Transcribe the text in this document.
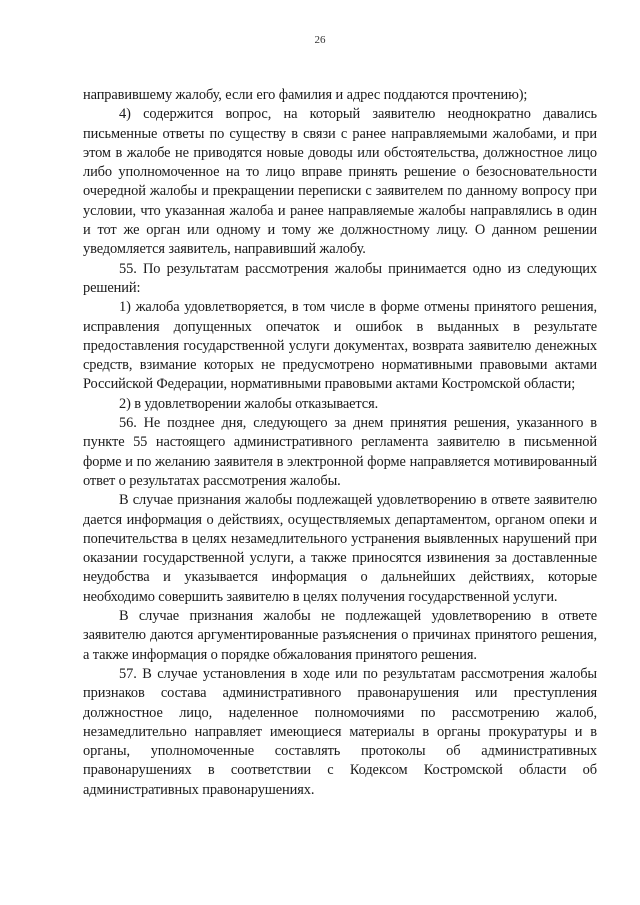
26

направившему жалобу, если его фамилия и адрес поддаются прочтению);

4) содержится вопрос, на который заявителю неоднократно давались письменные ответы по существу в связи с ранее направляемыми жалобами, и при этом в жалобе не приводятся новые доводы или обстоятельства, должностное лицо либо уполномоченное на то лицо вправе принять решение о безосновательности очередной жалобы и прекращении переписки с заявителем по данному вопросу при условии, что указанная жалоба и ранее направляемые жалобы направлялись в один и тот же орган или одному и тому же должностному лицу. О данном решении уведомляется заявитель, направивший жалобу.

55. По результатам рассмотрения жалобы принимается одно из следующих решений:

1) жалоба удовлетворяется, в том числе в форме отмены принятого решения, исправления допущенных опечаток и ошибок в выданных в результате предоставления государственной услуги документах, возврата заявителю денежных средств, взимание которых не предусмотрено нормативными правовыми актами Российской Федерации, нормативными правовыми актами Костромской области;

2) в удовлетворении жалобы отказывается.

56. Не позднее дня, следующего за днем принятия решения, указанного в пункте 55 настоящего административного регламента заявителю в письменной форме и по желанию заявителя в электронной форме направляется мотивированный ответ о результатах рассмотрения жалобы.

В случае признания жалобы подлежащей удовлетворению в ответе заявителю дается информация о действиях, осуществляемых департаментом, органом опеки и попечительства в целях незамедлительного устранения выявленных нарушений при оказании государственной услуги, а также приносятся извинения за доставленные неудобства и указывается информация о дальнейших действиях, которые необходимо совершить заявителю в целях получения государственной услуги.

В случае признания жалобы не подлежащей удовлетворению в ответе заявителю даются аргументированные разъяснения о причинах принятого решения, а также информация о порядке обжалования принятого решения.

57. В случае установления в ходе или по результатам рассмотрения жалобы признаков состава административного правонарушения или преступления должностное лицо, наделенное полномочиями по рассмотрению жалоб, незамедлительно направляет имеющиеся материалы в органы прокуратуры и в органы, уполномоченные составлять протоколы об административных правонарушениях в соответствии с Кодексом Костромской области об административных правонарушениях.
